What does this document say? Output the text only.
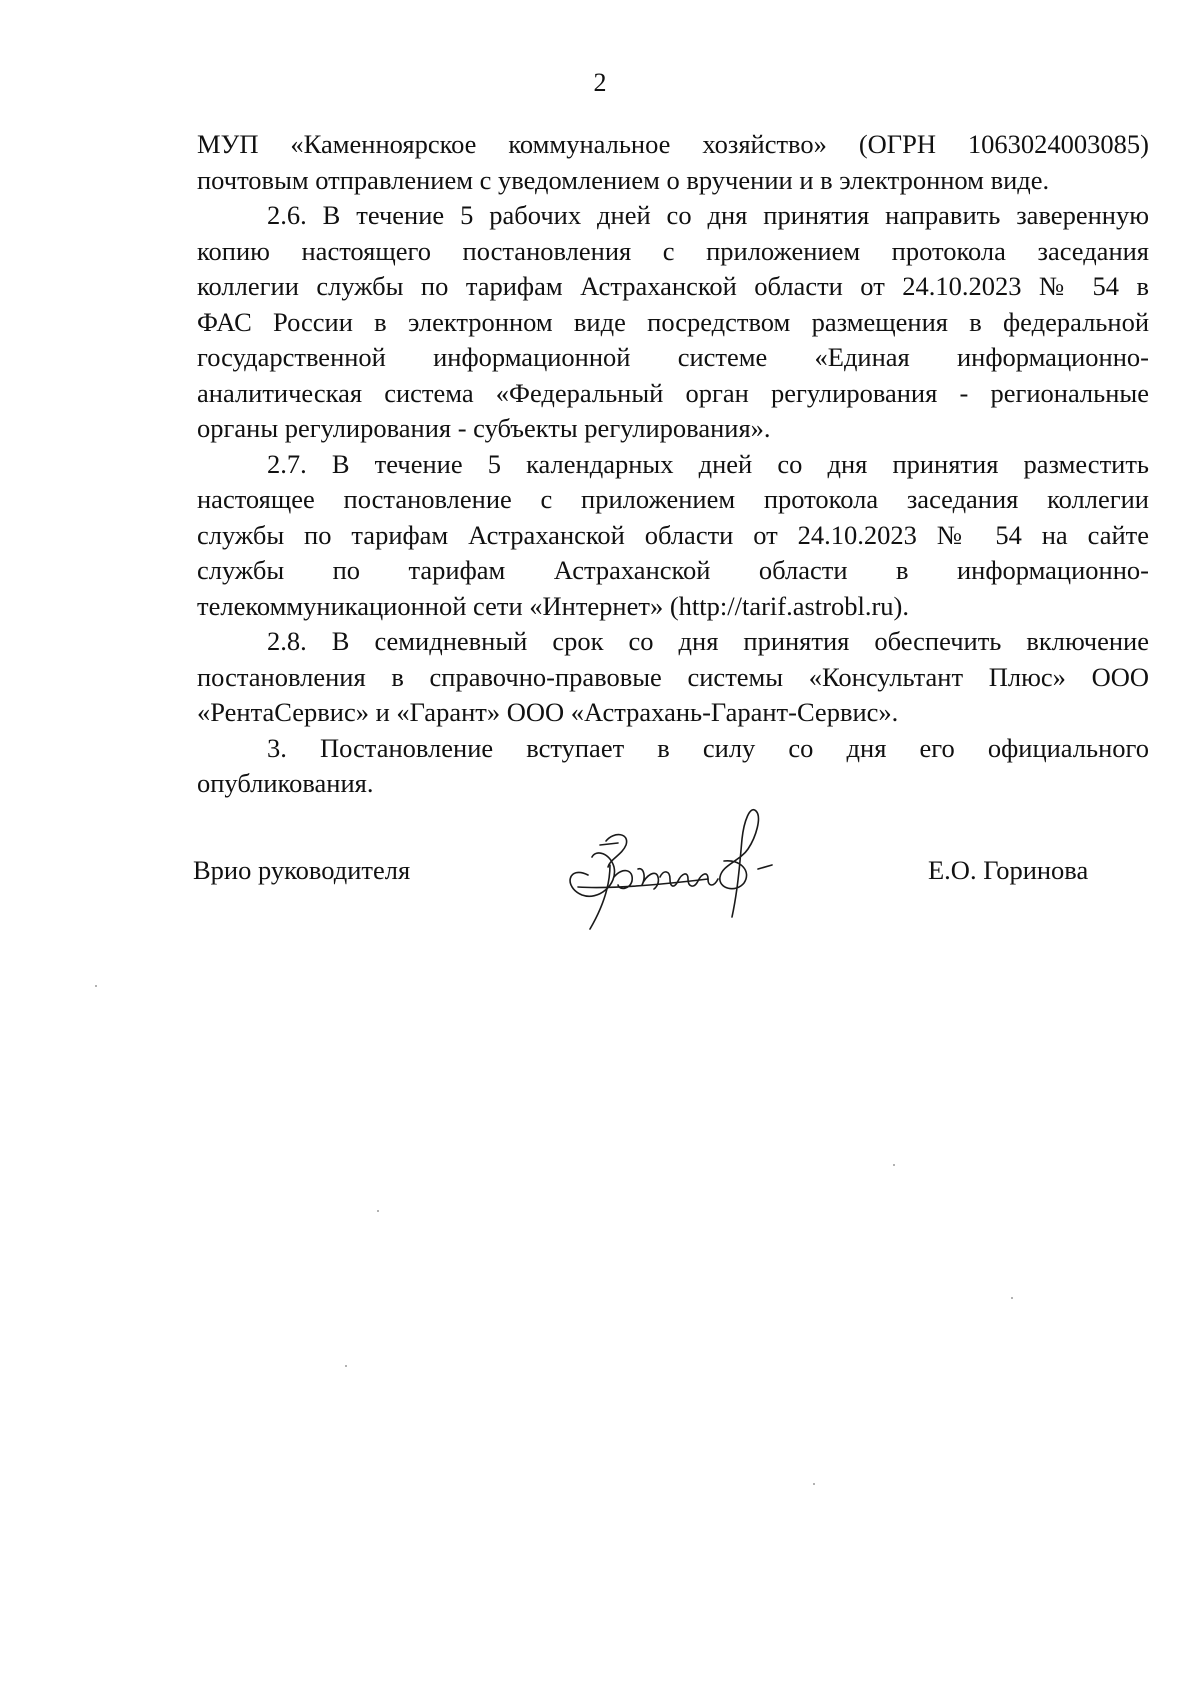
2

МУП «Каменноярское коммунальное хозяйство» (ОГРН 1063024003085)

почтовым отправлением с уведомлением о вручении и в электронном виде.

2.6. В течение 5 рабочих дней со дня принятия направить заверенную

копию настоящего постановления с приложением протокола заседания

коллегии службы по тарифам Астраханской области от 24.10.2023 № 54 в

ФАС России в электронном виде посредством размещения в федеральной

государственной информационной системе «Единая информационно-

аналитическая система «Федеральный орган регулирования - региональные

органы регулирования - субъекты регулирования».

2.7. В течение 5 календарных дней со дня принятия разместить

настоящее постановление с приложением протокола заседания коллегии

службы по тарифам Астраханской области от 24.10.2023 № 54 на сайте

службы по тарифам Астраханской области в информационно-

телекоммуникационной сети «Интернет» (http://tarif.astrobl.ru).

2.8. В семидневный срок со дня принятия обеспечить включение

постановления в справочно-правовые системы «Консультант Плюс» ООО

«РентаСервис» и «Гарант» ООО «Астрахань-Гарант-Сервис».

3. Постановление вступает в силу со дня его официального

опубликования.

Врио руководителя	Е.О. Горинова
